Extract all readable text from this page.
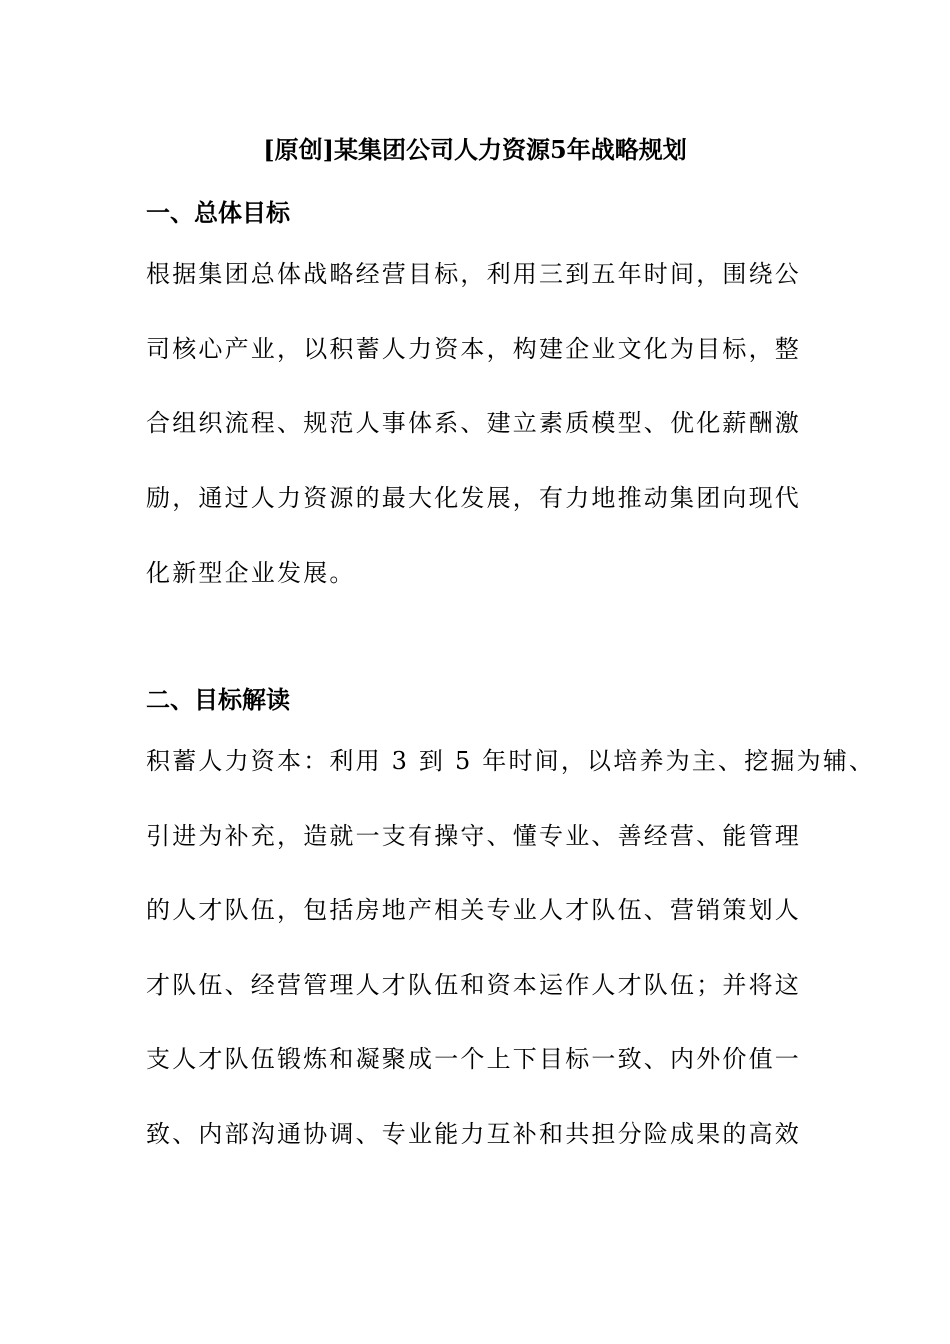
[原创]某集团公司人力资源5年战略规划
一、总体目标
根据集团总体战略经营目标，利用三到五年时间，围绕公
司核心产业，以积蓄人力资本，构建企业文化为目标，整
合组织流程、规范人事体系、建立素质模型、优化薪酬激
励，通过人力资源的最大化发展，有力地推动集团向现代
化新型企业发展。
二、目标解读
积蓄人力资本：利用 3 到 5 年时间，以培养为主、挖掘为辅、
引进为补充，造就一支有操守、懂专业、善经营、能管理
的人才队伍，包括房地产相关专业人才队伍、营销策划人
才队伍、经营管理人才队伍和资本运作人才队伍；并将这
支人才队伍锻炼和凝聚成一个上下目标一致、内外价值一
致、内部沟通协调、专业能力互补和共担分险成果的高效
